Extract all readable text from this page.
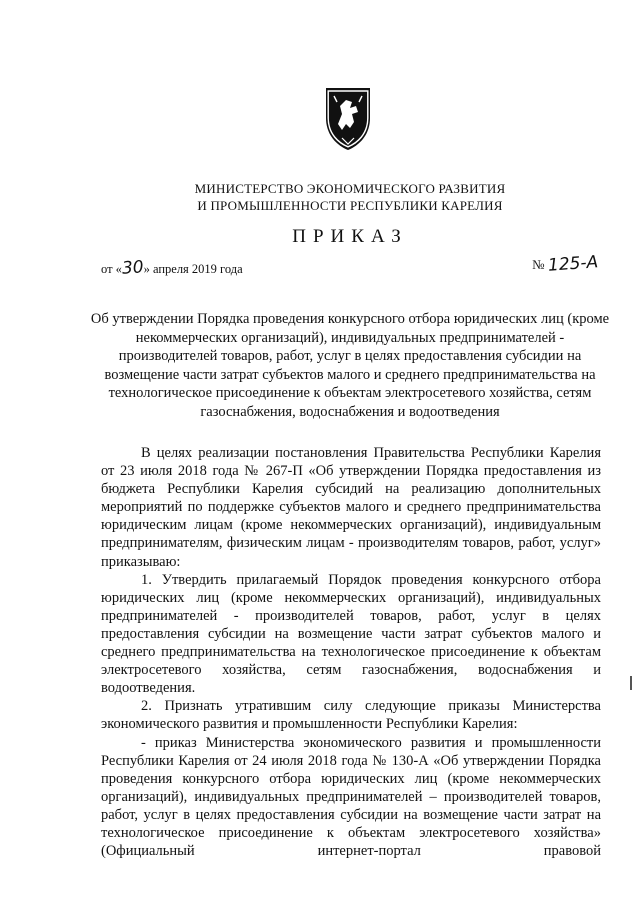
МИНИСТЕРСТВО ЭКОНОМИЧЕСКОГО РАЗВИТИЯ
И ПРОМЫШЛЕННОСТИ РЕСПУБЛИКИ КАРЕЛИЯ
ПРИКАЗ
от «30» апреля 2019 года	№ 125-А
Об утверждении Порядка проведения конкурсного отбора юридических лиц (кроме некоммерческих организаций), индивидуальных предпринимателей - производителей товаров, работ, услуг в целях предоставления субсидии на возмещение части затрат субъектов малого и среднего предпринимательства на технологическое присоединение к объектам электросетевого хозяйства, сетям газоснабжения, водоснабжения и водоотведения

В целях реализации постановления Правительства Республики Карелия от 23 июля 2018 года № 267-П «Об утверждении Порядка предоставления из бюджета Республики Карелия субсидий на реализацию дополнительных мероприятий по поддержке субъектов малого и среднего предпринимательства юридическим лицам (кроме некоммерческих организаций), индивидуальным предпринимателям, физическим лицам - производителям товаров, работ, услуг» приказываю:

1. Утвердить прилагаемый Порядок проведения конкурсного отбора юридических лиц (кроме некоммерческих организаций), индивидуальных предпринимателей - производителей товаров, работ, услуг в целях предоставления субсидии на возмещение части затрат субъектов малого и среднего предпринимательства на технологическое присоединение к объектам электросетевого хозяйства, сетям газоснабжения, водоснабжения и водоотведения.

2. Признать утратившим силу следующие приказы Министерства экономического развития и промышленности Республики Карелия:

- приказ Министерства экономического развития и промышленности Республики Карелия от 24 июля 2018 года № 130-А «Об утверждении Порядка проведения конкурсного отбора юридических лиц (кроме некоммерческих организаций), индивидуальных предпринимателей – производителей товаров, работ, услуг в целях предоставления субсидии на возмещение части затрат на технологическое присоединение к объектам электросетевого хозяйства» (Официальный интернет-портал правовой
